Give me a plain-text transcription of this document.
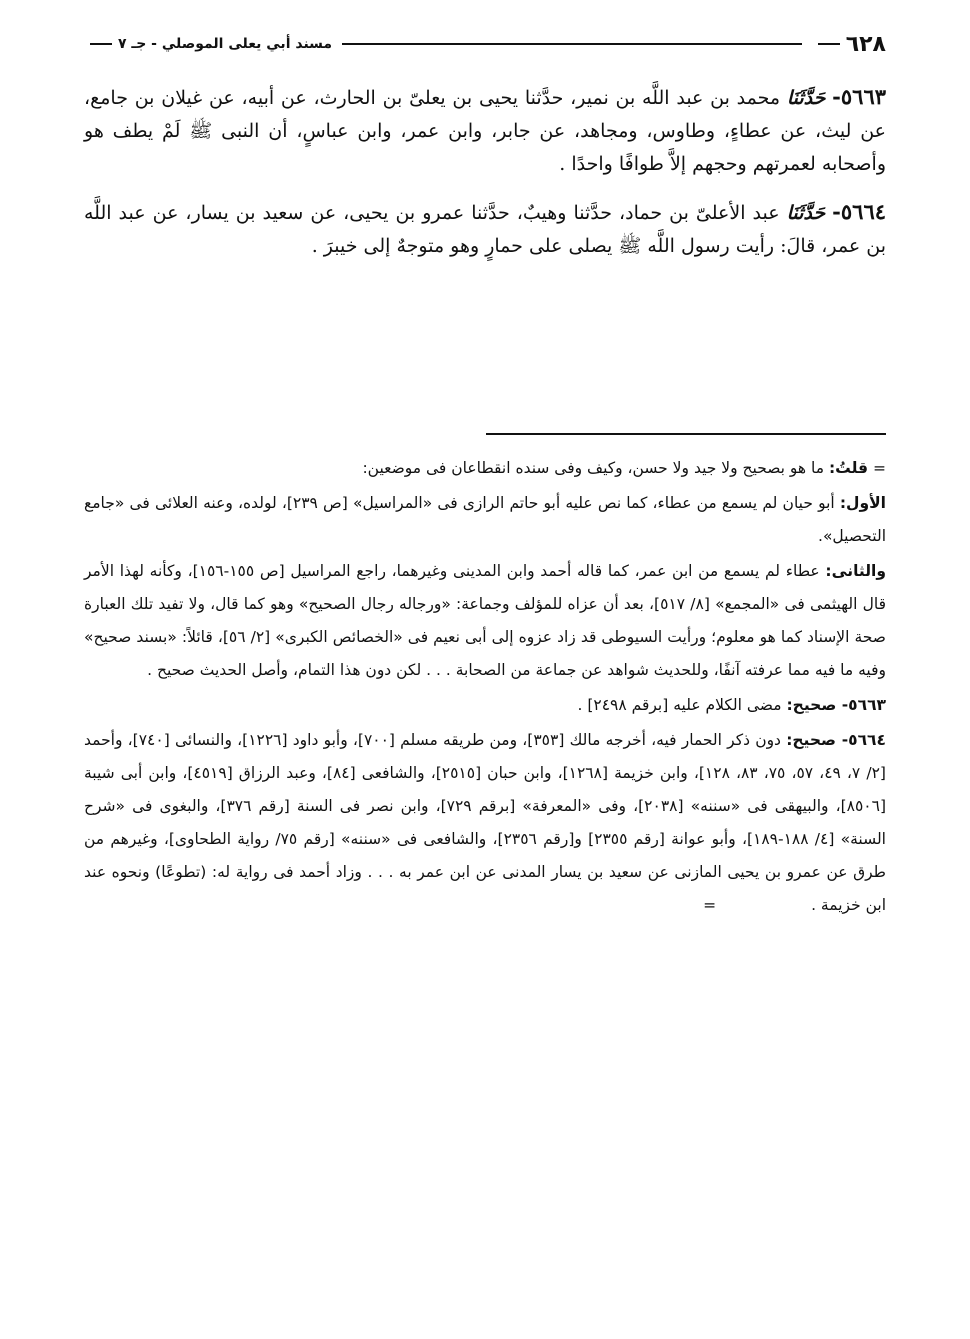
٦٢٨
مسند أبي يعلى الموصلي - جـ ٧

٥٦٦٣- حَدَّثَنَا محمد بن عبد اللَّه بن نمير، حدَّثنا يحيى بن يعلىّ بن الحارث، عن أبيه، عن غيلان بن جامع، عن ليث، عن عطاءٍ، وطاوس، ومجاهد، عن جابر، وابن عمر، وابن عباسٍ، أن النبى ﷺ لَمْ يطف هو وأصحابه لعمرتهم وحجهم إلاَّ طوافًا واحدًا .

٥٦٦٤- حَدَّثَنَا عبد الأعلىّ بن حماد، حدَّثنا وهيبٌ، حدَّثنا عمرو بن يحيى، عن سعيد بن يسار، عن عبد اللَّه بن عمر، قالَ: رأيت رسول اللَّه ﷺ يصلى على حمارٍ وهو متوجهٌ إلى خيبرَ .

= قلتُ: ما هو بصحيح ولا جيد ولا حسن، وكيف وفى سنده انقطاعان فى موضعين:

الأول: أبو حيان لم يسمع من عطاء، كما نص عليه أبو حاتم الرازى فى «المراسيل» [ص ٢٣٩]، لولده، وعنه العلائى فى «جامع التحصيل».

والثانى: عطاء لم يسمع من ابن عمر، كما قاله أحمد وابن المدينى وغيرهما، راجع المراسيل [ص ١٥٥-١٥٦]، وكأنه لهذا الأمر قال الهيثمى فى «المجمع» [٨/ ٥١٧]، بعد أن عزاه للمؤلف وجماعة: «ورجاله رجال الصحيح» وهو كما قال، ولا تفيد تلك العبارة صحة الإسناد كما هو معلوم؛ ورأيت السيوطى قد زاد عزوه إلى أبى نعيم فى «الخصائص الكبرى» [٢/ ٥٦]، قائلاً: «بسند صحيح» وفيه ما فيه مما عرفته آنفًا، وللحديث شواهد عن جماعة من الصحابة . . . لكن دون هذا التمام، وأصل الحديث صحيح .

٥٦٦٣- صحيح: مضى الكلام عليه [برقم ٢٤٩٨] .

٥٦٦٤- صحيح: دون ذكر الحمار فيه، أخرجه مالك [٣٥٣]، ومن طريقه مسلم [٧٠٠]، وأبو داود [١٢٢٦]، والنسائى [٧٤٠]، وأحمد [٢/ ٧، ٤٩، ٥٧، ٧٥، ٨٣، ١٢٨]، وابن خزيمة [١٢٦٨]، وابن حبان [٢٥١٥]، والشافعى [٨٤]، وعبد الرزاق [٤٥١٩]، وابن أبى شيبة [٨٥٠٦]، والبيهقى فى «سننه» [٢٠٣٨]، وفى «المعرفة» [برقم ٧٢٩]، وابن نصر فى السنة [رقم ٣٧٦]، والبغوى فى «شرح السنة» [٤/ ١٨٨-١٨٩]، وأبو عوانة [رقم ٢٣٥٥] و[رقم ٢٣٥٦]، والشافعى فى «سننه» [رقم ٧٥/ رواية الطحاوى]، وغيرهم من طرق عن عمرو بن يحيى المازنى عن سعيد بن يسار المدنى عن ابن عمر به . . . وزاد أحمد فى رواية له: (تطوعًا) ونحوه عند ابن خزيمة . =
